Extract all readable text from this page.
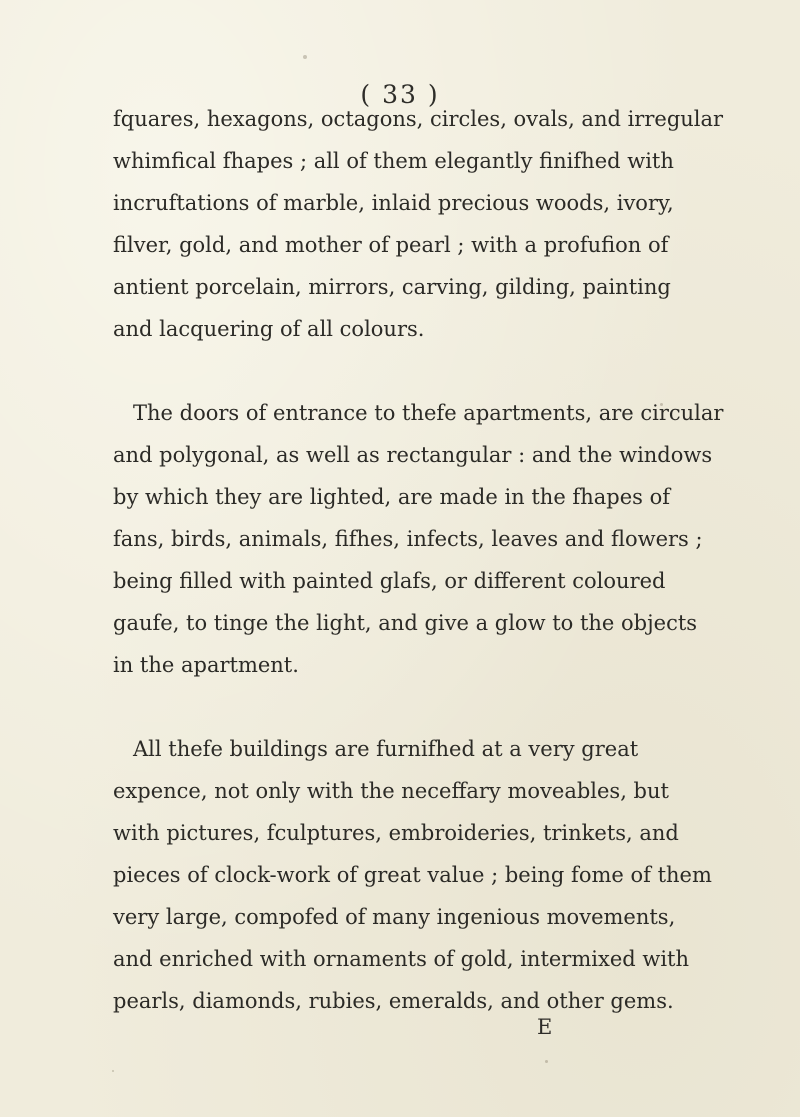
( 33 )
fquares, hexagons, octagons, circles, ovals, and irregular
whimfical fhapes ; all of them elegantly finifhed with
incruftations of marble, inlaid precious woods, ivory,
filver, gold, and mother of pearl ; with a profufion of
antient porcelain, mirrors, carving, gilding, painting
and lacquering of all colours.
The doors of entrance to thefe apartments, are circular
and polygonal, as well as rectangular : and the windows
by which they are lighted, are made in the fhapes of
fans, birds, animals, fifhes, infects, leaves and flowers ;
being filled with painted glafs, or different coloured
gaufe, to tinge the light, and give a glow to the objects
in the apartment.
All thefe buildings are furnifhed at a very great
expence, not only with the neceffary moveables, but
with pictures, fculptures, embroideries, trinkets, and
pieces of clock-work of great value ; being fome of them
very large, compofed of many ingenious movements,
and enriched with ornaments of gold, intermixed with
pearls, diamonds, rubies, emeralds, and other gems.
E
